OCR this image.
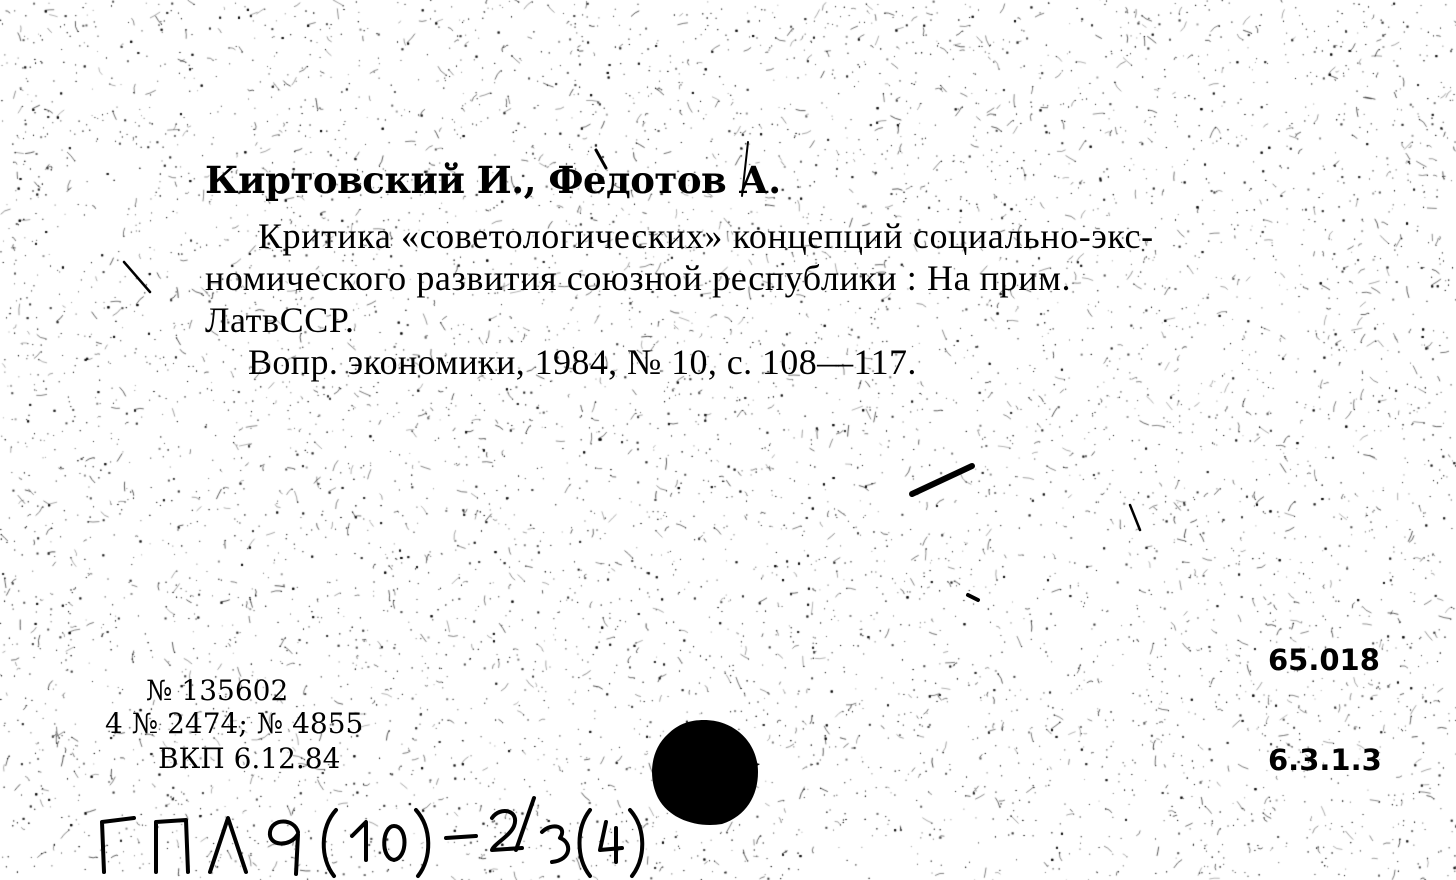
Киртовский И., Федотов А.
Критика «советологических» концепций социально-экс-
номического развития союзной республики : На прим.
ЛатвССР.
Вопр. экономики, 1984, № 10, с. 108—117.
65.018
6.3.1.3
№ 135602
4 № 2474; № 4855
ВКП 6.12.84
